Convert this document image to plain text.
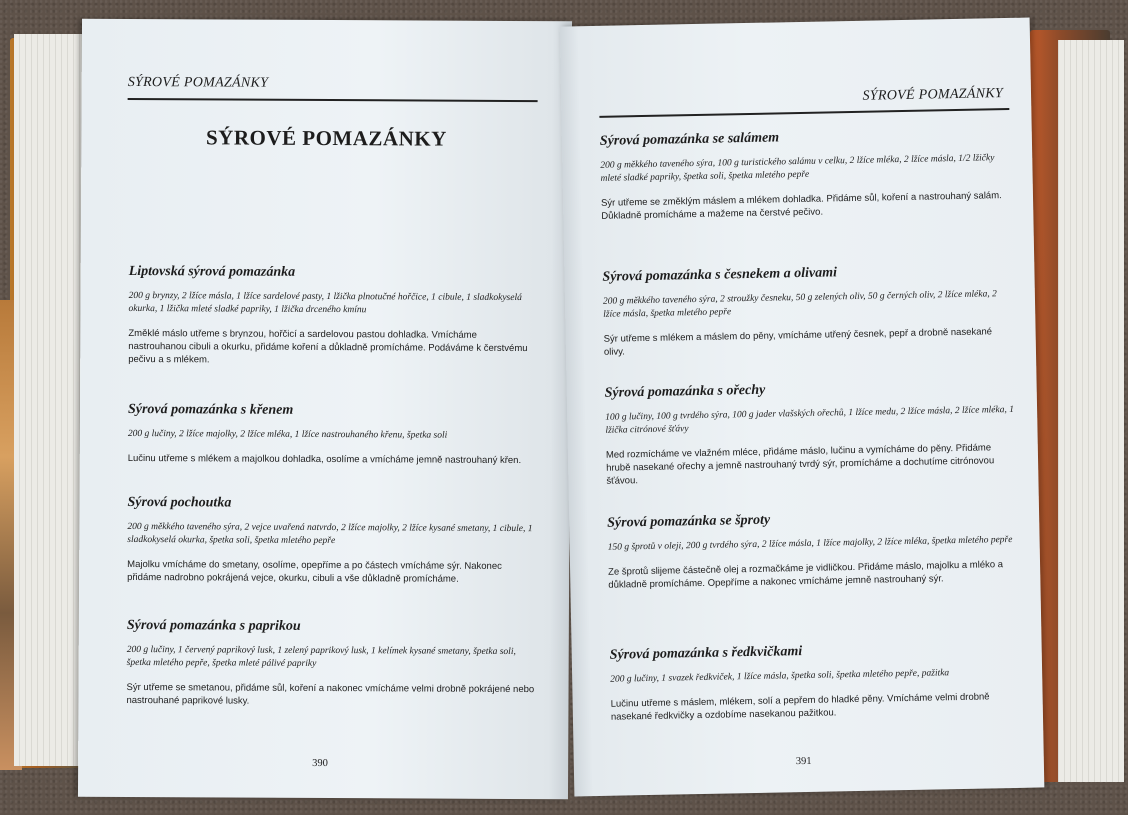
SÝROVÉ POMAZÁNKY
SÝROVÉ POMAZÁNKY
Liptovská sýrová pomazánka

200 g brynzy, 2 lžíce másla, 1 lžíce sardelové pasty, 1 lžička plnotučné hořčice, 1 cibule, 1 sladkokyselá okurka, 1 lžička mleté sladké papriky, 1 lžička drceného kmínu

Změklé máslo utřeme s brynzou, hořčicí a sardelovou pastou dohladka. Vmícháme nastrouhanou cibuli a okurku, přidáme koření a důkladně promícháme. Podáváme k čerstvému pečivu a s mlékem.

Sýrová pomazánka s křenem

200 g lučiny, 2 lžíce majolky, 2 lžíce mléka, 1 lžíce nastrouhaného křenu, špetka soli

Lučinu utřeme s mlékem a majolkou dohladka, osolíme a vmícháme jemně nastrouhaný křen.

Sýrová pochoutka

200 g měkkého taveného sýra, 2 vejce uvařená natvrdo, 2 lžíce majolky, 2 lžíce kysané smetany, 1 cibule, 1 sladkokyselá okurka, špetka soli, špetka mletého pepře

Majolku vmícháme do smetany, osolíme, opepříme a po částech vmícháme sýr. Nakonec přidáme nadrobno pokrájená vejce, okurku, cibuli a vše důkladně promícháme.

Sýrová pomazánka s paprikou

200 g lučiny, 1 červený paprikový lusk, 1 zelený paprikový lusk, 1 kelímek kysané smetany, špetka soli, špetka mletého pepře, špetka mleté pálivé papriky

Sýr utřeme se smetanou, přidáme sůl, koření a nakonec vmícháme velmi drobně pokrájené nebo nastrouhané paprikové lusky.

390
SÝROVÉ POMAZÁNKY
Sýrová pomazánka se salámem

200 g měkkého taveného sýra, 100 g turistického salámu v celku, 2 lžíce mléka, 2 lžíce másla, 1/2 lžičky mleté sladké papriky, špetka soli, špetka mletého pepře

Sýr utřeme se změklým máslem a mlékem dohladka. Přidáme sůl, koření a nastrouhaný salám. Důkladně promícháme a mažeme na čerstvé pečivo.

Sýrová pomazánka s česnekem a olivami

200 g měkkého taveného sýra, 2 stroužky česneku, 50 g zelených oliv, 50 g černých oliv, 2 lžíce mléka, 2 lžíce másla, špetka mletého pepře

Sýr utřeme s mlékem a máslem do pěny, vmícháme utřený česnek, pepř a drobně nasekané olivy.

Sýrová pomazánka s ořechy

100 g lučiny, 100 g tvrdého sýra, 100 g jader vlašských ořechů, 1 lžíce medu, 2 lžíce másla, 2 lžíce mléka, 1 lžička citrónové šťávy

Med rozmícháme ve vlažném mléce, přidáme máslo, lučinu a vymícháme do pěny. Přidáme hrubě nasekané ořechy a jemně nastrouhaný tvrdý sýr, promícháme a dochutíme citrónovou šťávou.

Sýrová pomazánka se šproty

150 g šprotů v oleji, 200 g tvrdého sýra, 2 lžíce másla, 1 lžíce majolky, 2 lžíce mléka, špetka mletého pepře

Ze šprotů slijeme částečně olej a rozmačkáme je vidličkou. Přidáme máslo, majolku a mléko a důkladně promícháme. Opepříme a nakonec vmícháme jemně nastrouhaný sýr.

Sýrová pomazánka s ředkvičkami

200 g lučiny, 1 svazek ředkviček, 1 lžíce másla, špetka soli, špetka mletého pepře, pažitka

Lučinu utřeme s máslem, mlékem, solí a pepřem do hladké pěny. Vmícháme velmi drobně nasekané ředkvičky a ozdobíme nasekanou pažitkou.

391
